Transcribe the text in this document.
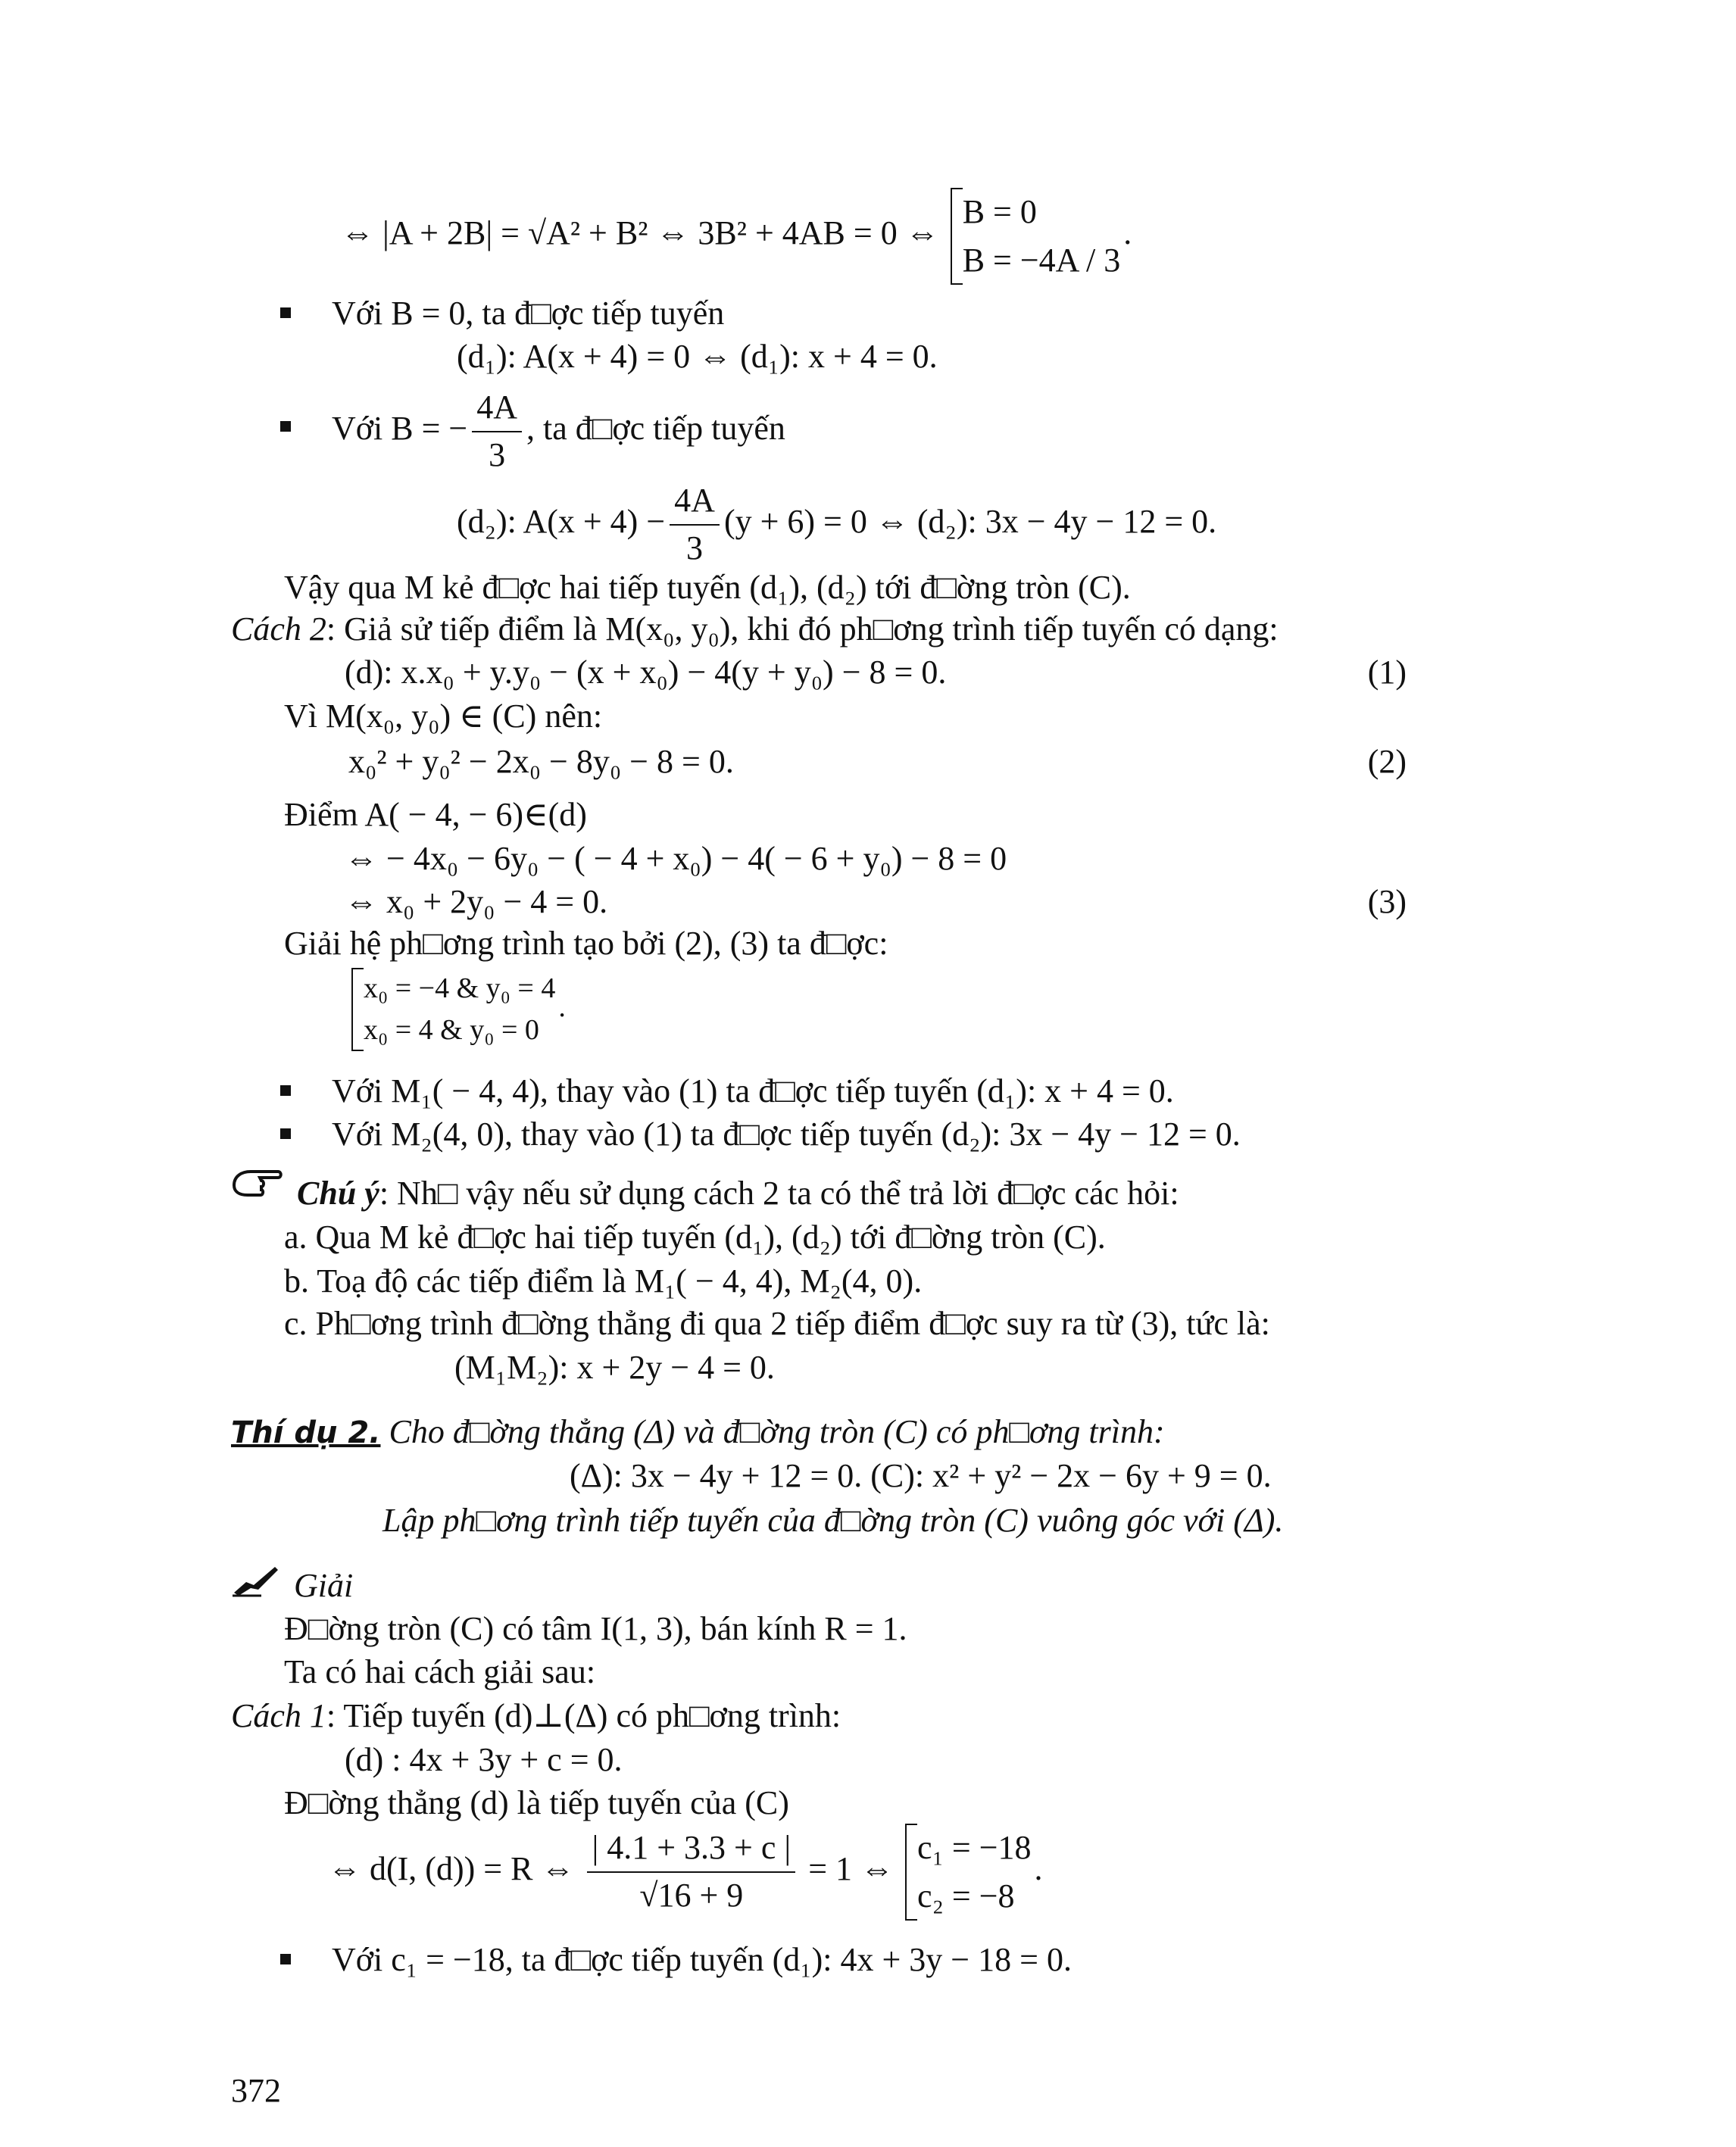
⇔ |A + 2B| = √A² + B² ⇔ 3B² + 4AB = 0 ⇔
B = 0
B = −4A / 3
.
Với B = 0, ta đ□ợc tiếp tuyến
(d₁): A(x + 4) = 0 ⇔ (d₁): x + 4 = 0.
Với B = − $\frac{4A}{3}$ , ta đ□ợc tiếp tuyến
(d₂): $A(x + 4) - \frac{4A}{3} (y + 6) = 0$ ⇔ (d₂): 3x − 4y − 12 = 0.
Vậy qua M kẻ đ□ợc hai tiếp tuyến (d₁), (d₂) tới đ□ờng tròn (C).
Cách 2: Giả sử tiếp điểm là M(x₀, y₀), khi đó ph□ơng trình tiếp tuyến có dạng:
(d): x.x₀ + y.y₀ − (x + x₀) − 4(y + y₀) − 8 = 0.	(1)
Vì M(x₀, y₀) ∈ (C) nên:
x₀² + y₀² − 2x₀ − 8y₀ − 8 = 0.	(2)
Điểm A( − 4, − 6)∈(d)
⇔ − 4x₀ − 6y₀ − ( − 4 + x₀) − 4( − 6 + y₀) − 8 = 0
⇔ x₀ + 2y₀ − 4 = 0.	(3)
Giải hệ ph□ơng trình tạo bởi (2), (3) ta đ□ợc:
x₀ = −4 & y₀ = 4
x₀ = 4 & y₀ = 0
.
Với M₁( − 4, 4), thay vào (1) ta đ□ợc tiếp tuyến (d₁): x + 4 = 0.
Với M₂(4, 0), thay vào (1) ta đ□ợc tiếp tuyến (d₂): 3x − 4y − 12 = 0.
Chú ý: Nh□ vậy nếu sử dụng cách 2 ta có thể trả lời đ□ợc các hỏi:
a. Qua M kẻ đ□ợc hai tiếp tuyến (d₁), (d₂) tới đ□ờng tròn (C).
b. Toạ độ các tiếp điểm là M₁( − 4, 4), M₂(4, 0).
c. Ph□ơng trình đ□ờng thẳng đi qua 2 tiếp điểm đ□ợc suy ra từ (3), tức là:
(M₁M₂): x + 2y − 4 = 0.
Thí dụ 2. Cho đ□ờng thẳng (Δ) và đ□ờng tròn (C) có ph□ơng trình:
(Δ): 3x − 4y + 12 = 0. (C): x² + y² − 2x − 6y + 9 = 0.
Lập ph□ơng trình tiếp tuyến của đ□ờng tròn (C) vuông góc với (Δ).
Giải
Đ□ờng tròn (C) có tâm I(1, 3), bán kính R = 1.
Ta có hai cách giải sau:
Cách 1: Tiếp tuyến (d)⊥(Δ) có ph□ơng trình:
(d) : 4x + 3y + c = 0.
Đ□ờng thẳng (d) là tiếp tuyến của (C)
⇔ d(I, (d)) = R ⇔ $\frac{| 4.1 + 3.3 + c |}{√16 + 9} = 1$ ⇔
c₁ = −18
c₂ = −8
.
Với c₁ = −18, ta đ□ợc tiếp tuyến (d₁): 4x + 3y − 18 = 0.
372
